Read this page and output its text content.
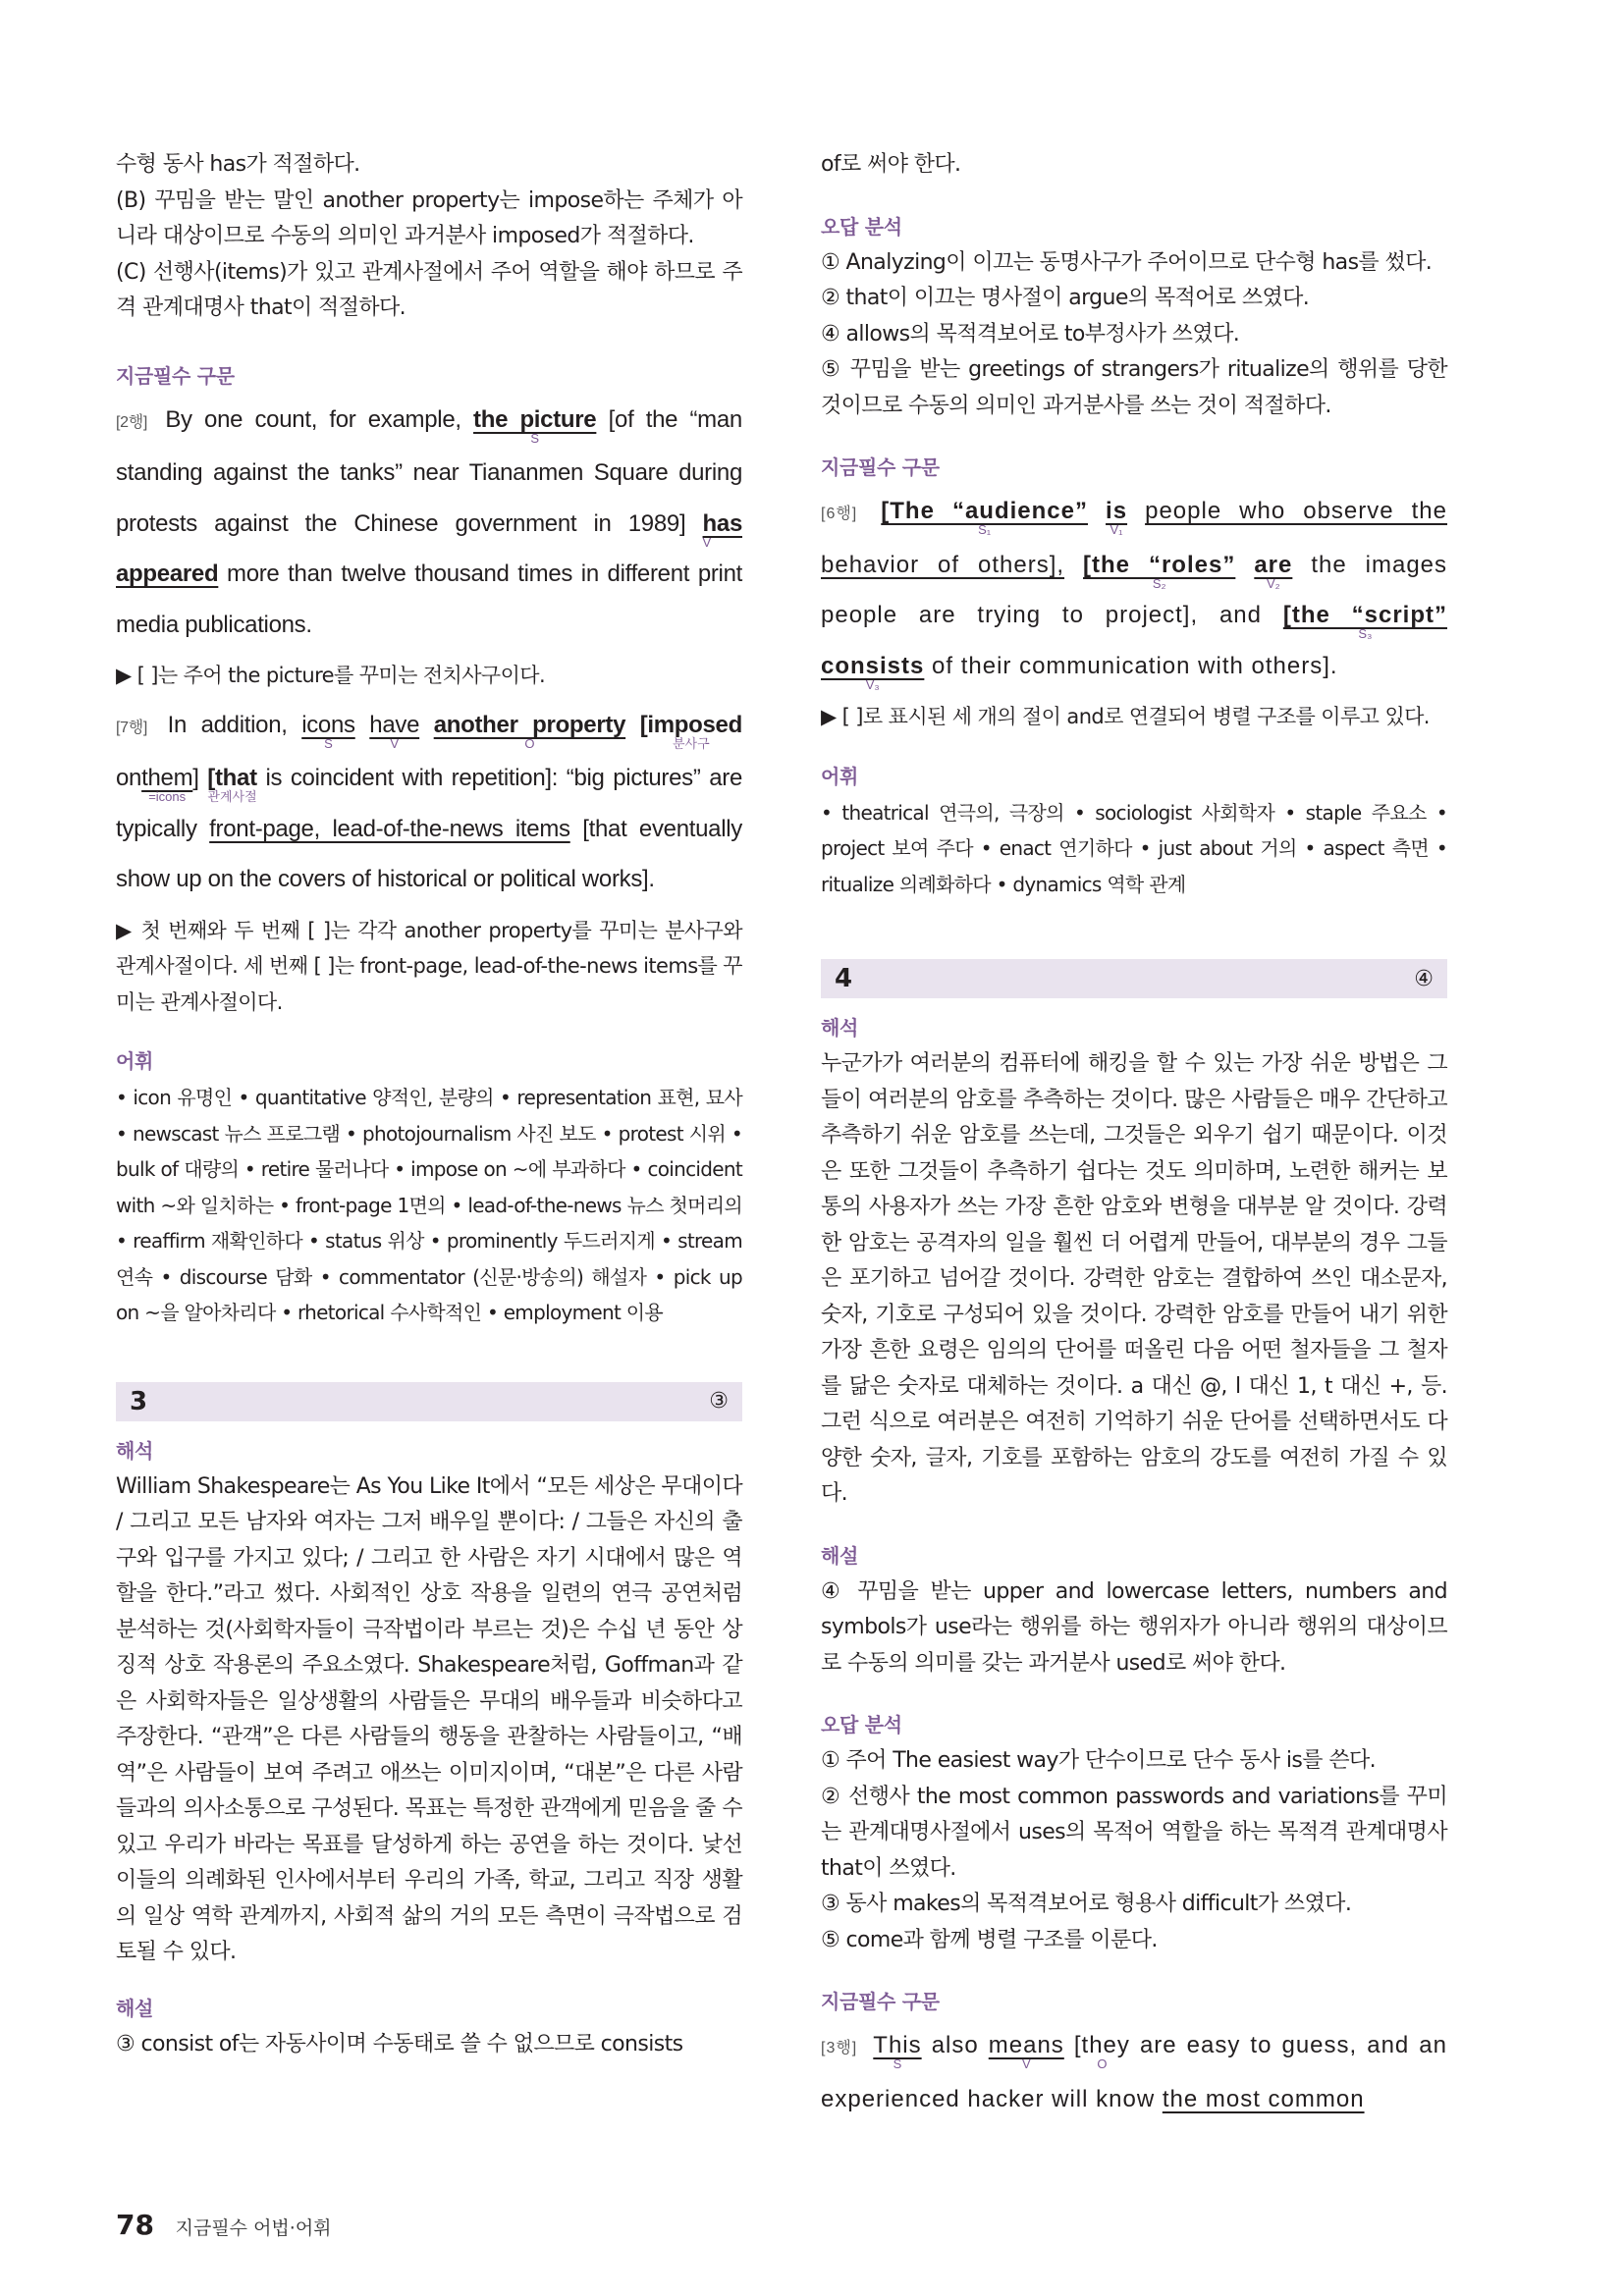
수형 동사 has가 적절하다.

(B) 꾸밈을 받는 말인 another property는 impose하는 주체가 아니라 대상이므로 수동의 의미인 과거분사 imposed가 적절하다.

(C) 선행사(items)가 있고 관계사절에서 주어 역할을 해야 하므로 주격 관계대명사 that이 적절하다.

지금필수 구문

[2행] By one count, for example, the picture
S
[of the “man standing against the tanks” near Tiananmen Square during protests against the Chinese government in 1989] has appeared
V
more than twelve thousand times in different print media publications.

▶ [ ]는 주어 the picture를 꾸미는 전치사구이다.

[7행] In addition, icons
S
have
V
another property
O
[imposed
분사구
onthem
=icons
] [that
관계사절
is coincident with repetition]: “big pictures” are typically front-page, lead-of-the-news items [that eventually show up on the covers of historical or political works].

▶ 첫 번째와 두 번째 [ ]는 각각 another property를 꾸미는 분사구와 관계사절이다. 세 번째 [ ]는 front-page, lead-of-the-news items를 꾸미는 관계사절이다.

어휘

• icon 유명인 • quantitative 양적인, 분량의 • representation 표현, 묘사 • newscast 뉴스 프로그램 • photojournalism 사진 보도 • protest 시위 • bulk of 대량의 • retire 물러나다 • impose on ~에 부과하다 • coincident with ~와 일치하는 • front-page 1면의 • lead-of-the-news 뉴스 첫머리의 • reaffirm 재확인하다 • status 위상 • prominently 두드러지게 • stream 연속 • discourse 담화 • commentator (신문·방송의) 해설자 • pick up on ~을 알아차리다 • rhetorical 수사학적인 • employment 이용

3	③
해석

William Shakespeare는 As You Like It에서 “모든 세상은 무대이다 / 그리고 모든 남자와 여자는 그저 배우일 뿐이다: / 그들은 자신의 출구와 입구를 가지고 있다; / 그리고 한 사람은 자기 시대에서 많은 역할을 한다.”라고 썼다. 사회적인 상호 작용을 일련의 연극 공연처럼 분석하는 것(사회학자들이 극작법이라 부르는 것)은 수십 년 동안 상징적 상호 작용론의 주요소였다. Shakespeare처럼, Goffman과 같은 사회학자들은 일상생활의 사람들은 무대의 배우들과 비슷하다고 주장한다. “관객”은 다른 사람들의 행동을 관찰하는 사람들이고, “배역”은 사람들이 보여 주려고 애쓰는 이미지이며, “대본”은 다른 사람들과의 의사소통으로 구성된다. 목표는 특정한 관객에게 믿음을 줄 수 있고 우리가 바라는 목표를 달성하게 하는 공연을 하는 것이다. 낯선 이들의 의례화된 인사에서부터 우리의 가족, 학교, 그리고 직장 생활의 일상 역학 관계까지, 사회적 삶의 거의 모든 측면이 극작법으로 검토될 수 있다.

해설

③ consist of는 자동사이며 수동태로 쓸 수 없으므로 consists

of로 써야 한다.

오답 분석

① Analyzing이 이끄는 동명사구가 주어이므로 단수형 has를 썼다.

② that이 이끄는 명사절이 argue의 목적어로 쓰였다.

④ allows의 목적격보어로 to부정사가 쓰였다.

⑤ 꾸밈을 받는 greetings of strangers가 ritualize의 행위를 당한 것이므로 수동의 의미인 과거분사를 쓰는 것이 적절하다.

지금필수 구문

[6행] [The “audience”
S₁
is
V₁
people who observe the behavior of others], [the “roles”
S₂
are
V₂
the images people are trying to project], and [the “script”
S₃
consists
V₃
of their communication with others].

▶ [ ]로 표시된 세 개의 절이 and로 연결되어 병렬 구조를 이루고 있다.

어휘

• theatrical 연극의, 극장의 • sociologist 사회학자 • staple 주요소 • project 보여 주다 • enact 연기하다 • just about 거의 • aspect 측면 • ritualize 의례화하다 • dynamics 역학 관계

4	④
해석

누군가가 여러분의 컴퓨터에 해킹을 할 수 있는 가장 쉬운 방법은 그들이 여러분의 암호를 추측하는 것이다. 많은 사람들은 매우 간단하고 추측하기 쉬운 암호를 쓰는데, 그것들은 외우기 쉽기 때문이다. 이것은 또한 그것들이 추측하기 쉽다는 것도 의미하며, 노련한 해커는 보통의 사용자가 쓰는 가장 흔한 암호와 변형을 대부분 알 것이다. 강력한 암호는 공격자의 일을 훨씬 더 어렵게 만들어, 대부분의 경우 그들은 포기하고 넘어갈 것이다. 강력한 암호는 결합하여 쓰인 대소문자, 숫자, 기호로 구성되어 있을 것이다. 강력한 암호를 만들어 내기 위한 가장 흔한 요령은 임의의 단어를 떠올린 다음 어떤 철자들을 그 철자를 닮은 숫자로 대체하는 것이다. a 대신 @, l 대신 1, t 대신 +, 등. 그런 식으로 여러분은 여전히 기억하기 쉬운 단어를 선택하면서도 다양한 숫자, 글자, 기호를 포함하는 암호의 강도를 여전히 가질 수 있다.

해설

④ 꾸밈을 받는 upper and lowercase letters, numbers and symbols가 use라는 행위를 하는 행위자가 아니라 행위의 대상이므로 수동의 의미를 갖는 과거분사 used로 써야 한다.

오답 분석

① 주어 The easiest way가 단수이므로 단수 동사 is를 쓴다.

② 선행사 the most common passwords and variations를 꾸미는 관계대명사절에서 uses의 목적어 역할을 하는 목적격 관계대명사 that이 쓰였다.

③ 동사 makes의 목적격보어로 형용사 difficult가 쓰였다.

⑤ come과 함께 병렬 구조를 이룬다.

지금필수 구문

[3행] This
S
also means
V
[they
O
are easy to guess, and an experienced hacker will know the most common

78 지금필수 어법·어휘
